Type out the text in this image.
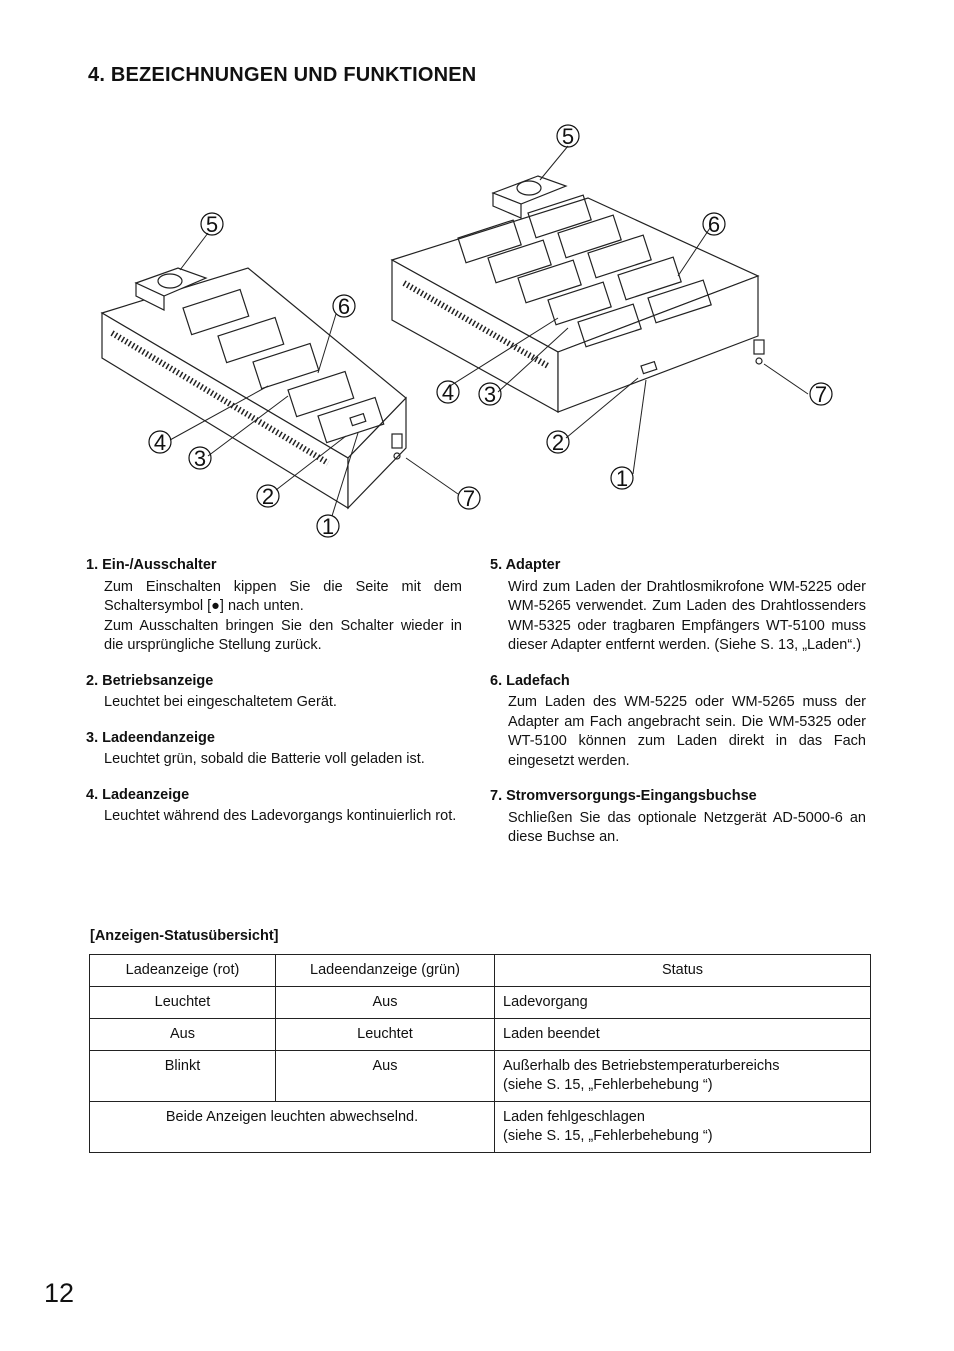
4. BEZEICHNUNGEN UND FUNKTIONEN
4
3
2
1
7
5
6
4 3
2
1
7
5
6

1. Ein-/Ausschalter

Zum Einschalten kippen Sie die Seite mit dem Schaltersymbol [●] nach unten.

Zum Ausschalten bringen Sie den Schalter wieder in die ursprüngliche Stellung zurück.

2. Betriebsanzeige

Leuchtet bei eingeschaltetem Gerät.

3. Ladeendanzeige

Leuchtet grün, sobald die Batterie voll geladen ist.

4. Ladeanzeige

Leuchtet während des Ladevorgangs kontinuierlich rot.

5. Adapter

Wird zum Laden der Drahtlosmikrofone WM-5225 oder WM-5265 verwendet. Zum Laden des Drahtlossenders WM-5325 oder tragbaren Empfängers WT-5100 muss dieser Adapter entfernt werden. (Siehe S. 13, „Laden“.)

6. Ladefach

Zum Laden des WM-5225 oder WM-5265 muss der Adapter am Fach angebracht sein. Die WM-5325 oder WT-5100 können zum Laden direkt in das Fach eingesetzt werden.

7. Stromversorgungs-Eingangsbuchse

Schließen Sie das optionale Netzgerät AD-5000-6 an diese Buchse an.

[Anzeigen-Statusübersicht]
Ladeanzeige (rot)	Ladeendanzeige (grün)	Status
Leuchtet	Aus	Ladevorgang
Aus	Leuchtet	Laden beendet
Blinkt	Aus	Außerhalb des Betriebstemperaturbereichs
(siehe S. 15, „Fehlerbehebung “)

Beide Anzeigen leuchten abwechselnd.		Laden fehlgeschlagen
(siehe S. 15, „Fehlerbehebung “)
12
